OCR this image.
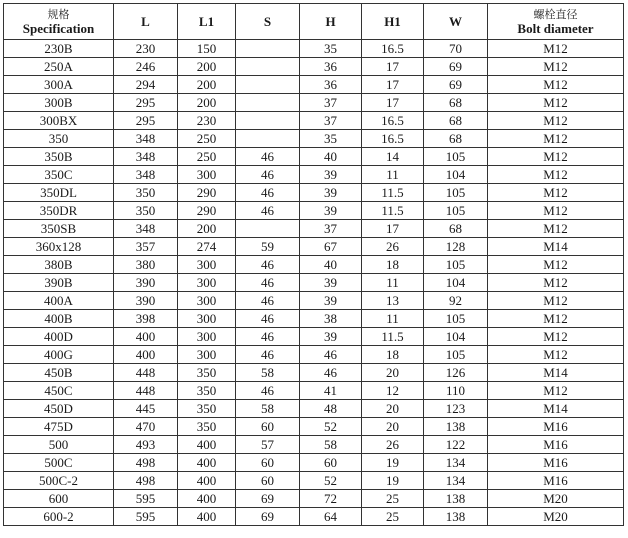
规格
Specification	L	L1	S	H	H1	W	螺栓直径
Bolt diameter

230B	230	150		35	16.5	70	M12
250A	246	200		36	17	69	M12
300A	294	200		36	17	69	M12
300B	295	200		37	17	68	M12
300BX	295	230		37	16.5	68	M12
350	348	250		35	16.5	68	M12
350B	348	250	46	40	14	105	M12
350C	348	300	46	39	11	104	M12
350DL	350	290	46	39	11.5	105	M12
350DR	350	290	46	39	11.5	105	M12
350SB	348	200		37	17	68	M12
360x128	357	274	59	67	26	128	M14
380B	380	300	46	40	18	105	M12
390B	390	300	46	39	11	104	M12
400A	390	300	46	39	13	92	M12
400B	398	300	46	38	11	105	M12
400D	400	300	46	39	11.5	104	M12
400G	400	300	46	46	18	105	M12
450B	448	350	58	46	20	126	M14
450C	448	350	46	41	12	110	M12
450D	445	350	58	48	20	123	M14
475D	470	350	60	52	20	138	M16
500	493	400	57	58	26	122	M16
500C	498	400	60	60	19	134	M16
500C-2	498	400	60	52	19	134	M16
600	595	400	69	72	25	138	M20
600-2	595	400	69	64	25	138	M20
